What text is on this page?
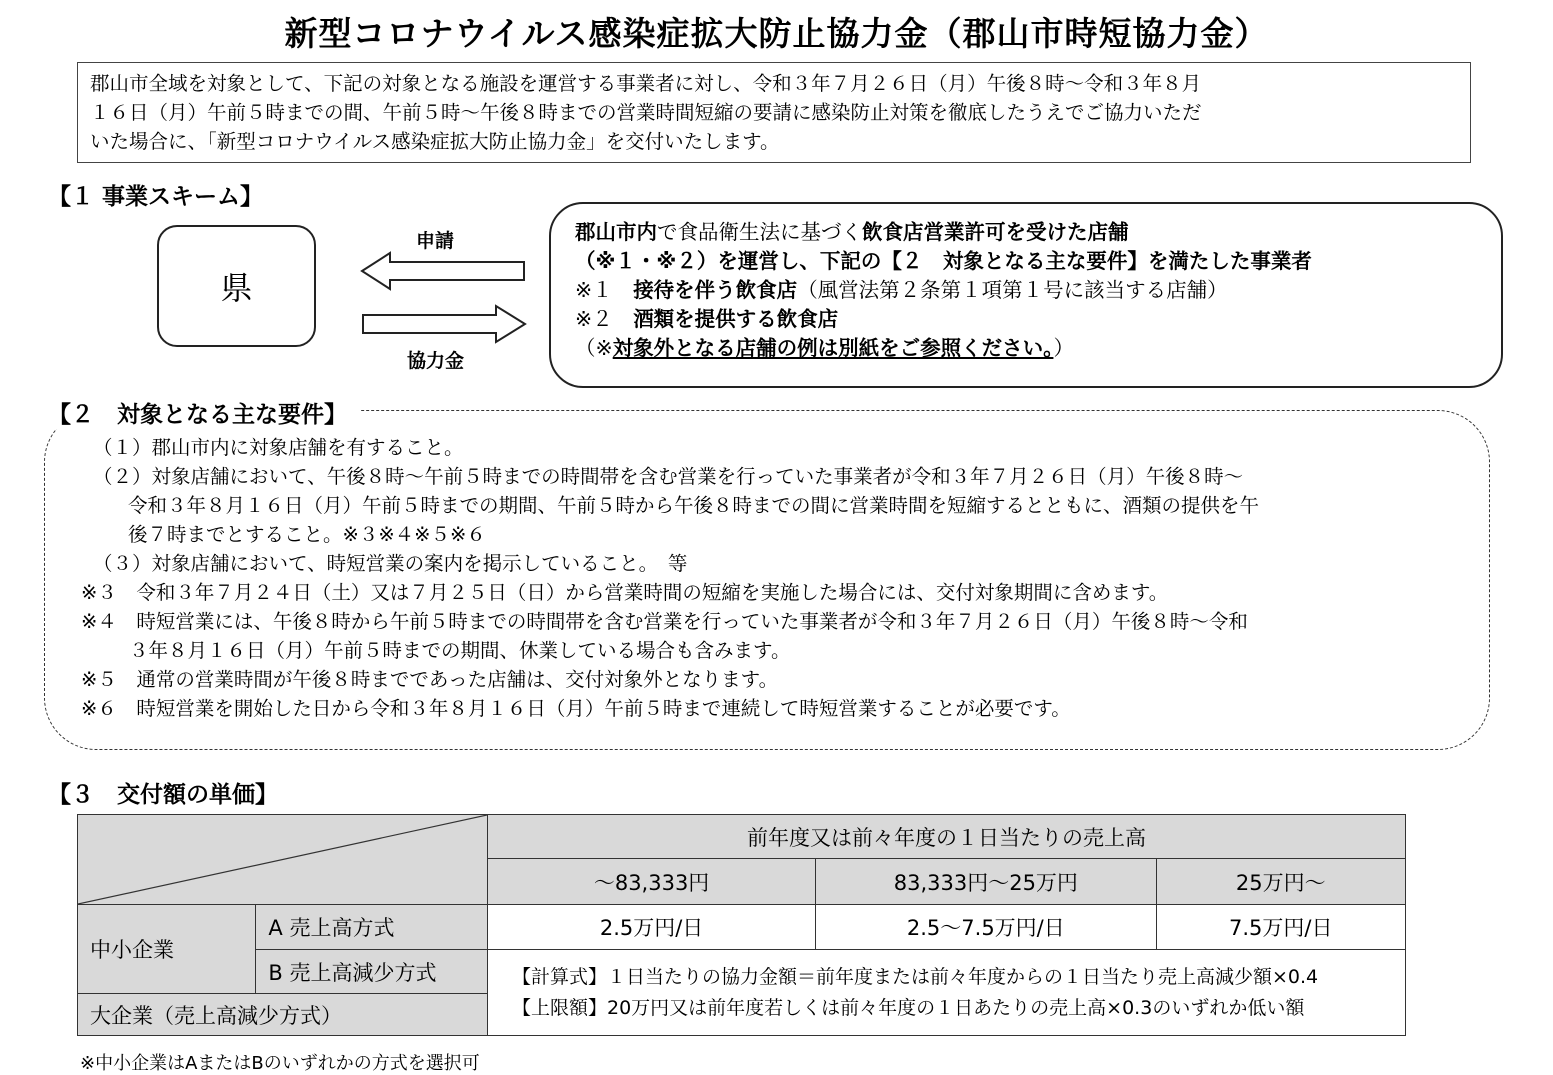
新型コロナウイルス感染症拡大防止協力金（郡山市時短協力金）
郡山市全域を対象として、下記の対象となる施設を運営する事業者に対し、令和３年７月２６日（月）午後８時～令和３年８月
１６日（月）午前５時までの間、午前５時～午後８時までの営業時間短縮の要請に感染防止対策を徹底したうえでご協力いただ
いた場合に、「新型コロナウイルス感染症拡大防止協力金」を交付いたします。
【１ 事業スキーム】
県
申請
協力金
郡山市内で食品衛生法に基づく飲食店営業許可を受けた店舗
（※１・※２）を運営し、下記の【２　対象となる主な要件】を満たした事業者
※１　接待を伴う飲食店（風営法第２条第１項第１号に該当する店舗）
※２　酒類を提供する飲食店
（※対象外となる店舗の例は別紙をご参照ください。）
（１）郡山市内に対象店舗を有すること。
（２）対象店舗において、午後８時～午前５時までの時間帯を含む営業を行っていた事業者が令和３年７月２６日（月）午後８時～
令和３年８月１６日（月）午前５時までの期間、午前５時から午後８時までの間に営業時間を短縮するとともに、酒類の提供を午
後７時までとすること。※３※４※５※６
（３）対象店舗において、時短営業の案内を掲示していること。　等
※３　令和３年７月２４日（土）又は７月２５日（日）から営業時間の短縮を実施した場合には、交付対象期間に含めます。
※４　時短営業には、午後８時から午前５時までの時間帯を含む営業を行っていた事業者が令和３年７月２６日（月）午後８時～令和
３年８月１６日（月）午前５時までの期間、休業している場合も含みます。
※５　通常の営業時間が午後８時までであった店舗は、交付対象外となります。
※６　時短営業を開始した日から令和３年８月１６日（月）午前５時まで連続して時短営業することが必要です。
【２　対象となる主な要件】
【３　交付額の単価】
	前年度又は前々年度の１日当たりの売上高		
		～83,333円	83,333円～25万円	25万円～
中小企業	A 売上高方式	2.5万円/日	2.5～7.5万円/日	7.5万円/日
	B 売上高減少方式	【計算式】１日当たりの協力金額＝前年度または前々年度からの１日当たり売上高減少額×0.4
【上限額】20万円又は前年度若しくは前々年度の１日あたりの売上高×0.3のいずれか低い額		

大企業（売上高減少方式）				
※中小企業はAまたはBのいずれかの方式を選択可
